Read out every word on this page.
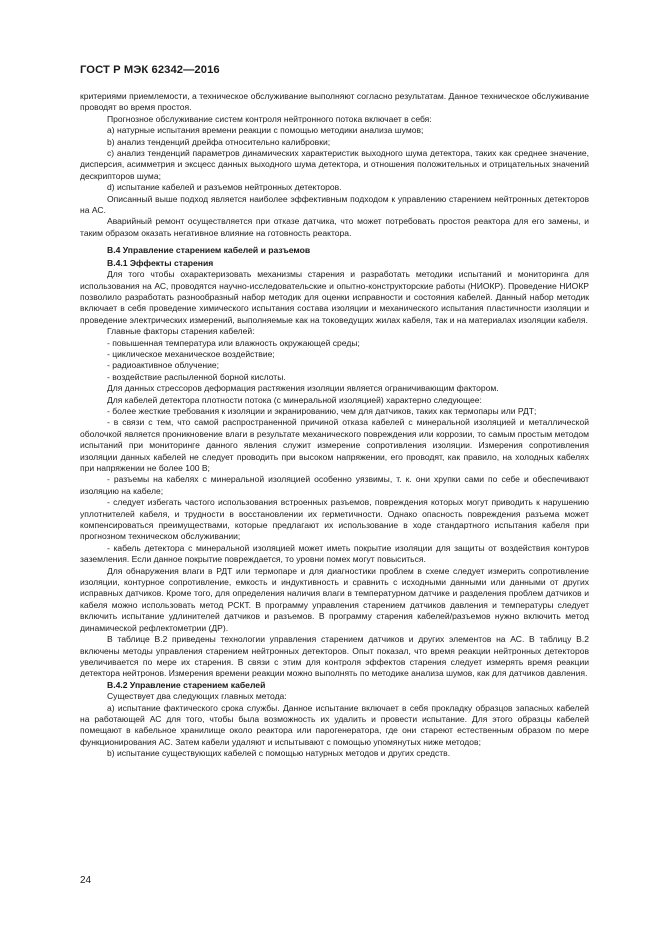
ГОСТ Р МЭК 62342—2016

критериями приемлемости, а техническое обслуживание выполняют согласно результатам. Данное техническое обслуживание проводят во время простоя.

Прогнозное обслуживание систем контроля нейтронного потока включает в себя:

a) натурные испытания времени реакции с помощью методики анализа шумов;

b) анализ тенденций дрейфа относительно калибровки;

c) анализ тенденций параметров динамических характеристик выходного шума детектора, таких как среднее значение, дисперсия, асимметрия и эксцесс данных выходного шума детектора, и отношения положительных и отрицательных значений дескрипторов шума;

d) испытание кабелей и разъемов нейтронных детекторов.

Описанный выше подход является наиболее эффективным подходом к управлению старением нейтронных детекторов на АС.

Аварийный ремонт осуществляется при отказе датчика, что может потребовать простоя реактора для его замены, и таким образом оказать негативное влияние на готовность реактора.

В.4 Управление старением кабелей и разъемов
В.4.1 Эффекты старения

Для того чтобы охарактеризовать механизмы старения и разработать методики испытаний и мониторинга для использования на АС, проводятся научно-исследовательские и опытно-конструкторские работы (НИОКР). Проведение НИОКР позволило разработать разнообразный набор методик для оценки исправности и состояния кабелей. Данный набор методик включает в себя проведение химического испытания состава изоляции и механического испытания пластичности изоляции и проведение электрических измерений, выполняемые как на токоведущих жилах кабеля, так и на материалах изоляции кабеля.

Главные факторы старения кабелей:

- повышенная температура или влажность окружающей среды;

- циклическое механическое воздействие;

- радиоактивное облучение;

- воздействие распыленной борной кислоты.

Для данных стрессоров деформация растяжения изоляции является ограничивающим фактором.

Для кабелей детектора плотности потока (с минеральной изоляцией) характерно следующее:

- более жесткие требования к изоляции и экранированию, чем для датчиков, таких как термопары или РДТ;

- в связи с тем, что самой распространенной причиной отказа кабелей с минеральной изоляцией и металлической оболочкой является проникновение влаги в результате механического повреждения или коррозии, то самым простым методом испытаний при мониторинге данного явления служит измерение сопротивления изоляции. Измерения сопротивления изоляции данных кабелей не следует проводить при высоком напряжении, его проводят, как правило, на холодных кабелях при напряжении не более 100 В;

- разъемы на кабелях с минеральной изоляцией особенно уязвимы, т. к. они хрупки сами по себе и обеспечивают изоляцию на кабеле;

- следует избегать частого использования встроенных разъемов, повреждения которых могут приводить к нарушению уплотнителей кабеля, и трудности в восстановлении их герметичности. Однако опасность повреждения разъема может компенсироваться преимуществами, которые предлагают их использование в ходе стандартного испытания кабеля при прогнозном техническом обслуживании;

- кабель детектора с минеральной изоляцией может иметь покрытие изоляции для защиты от воздействия контуров заземления. Если данное покрытие повреждается, то уровни помех могут повыситься.

Для обнаружения влаги в РДТ или термопаре и для диагностики проблем в схеме следует измерить сопротивление изоляции, контурное сопротивление, емкость и индуктивность и сравнить с исходными данными или данными от других исправных датчиков. Кроме того, для определения наличия влаги в температурном датчике и разделения проблем датчиков и кабеля можно использовать метод РСКТ. В программу управления старением датчиков давления и температуры следует включить испытание удлинителей датчиков и разъемов. В программу старения кабелей/разъемов нужно включить метод динамической рефлектометрии (ДР).

В таблице В.2 приведены технологии управления старением датчиков и других элементов на АС. В таблицу В.2 включены методы управления старением нейтронных детекторов. Опыт показал, что время реакции нейтронных детекторов увеличивается по мере их старения. В связи с этим для контроля эффектов старения следует измерять время реакции детектора нейтронов. Измерения времени реакции можно выполнять по методике анализа шумов, как для датчиков давления.

В.4.2 Управление старением кабелей

Существует два следующих главных метода:

a) испытание фактического срока службы. Данное испытание включает в себя прокладку образцов запасных кабелей на работающей АС для того, чтобы была возможность их удалить и провести испытание. Для этого образцы кабелей помещают в кабельное хранилище около реактора или парогенератора, где они стареют естественным образом по мере функционирования АС. Затем кабели удаляют и испытывают с помощью упомянутых ниже методов;

b) испытание существующих кабелей с помощью натурных методов и других средств.

24
